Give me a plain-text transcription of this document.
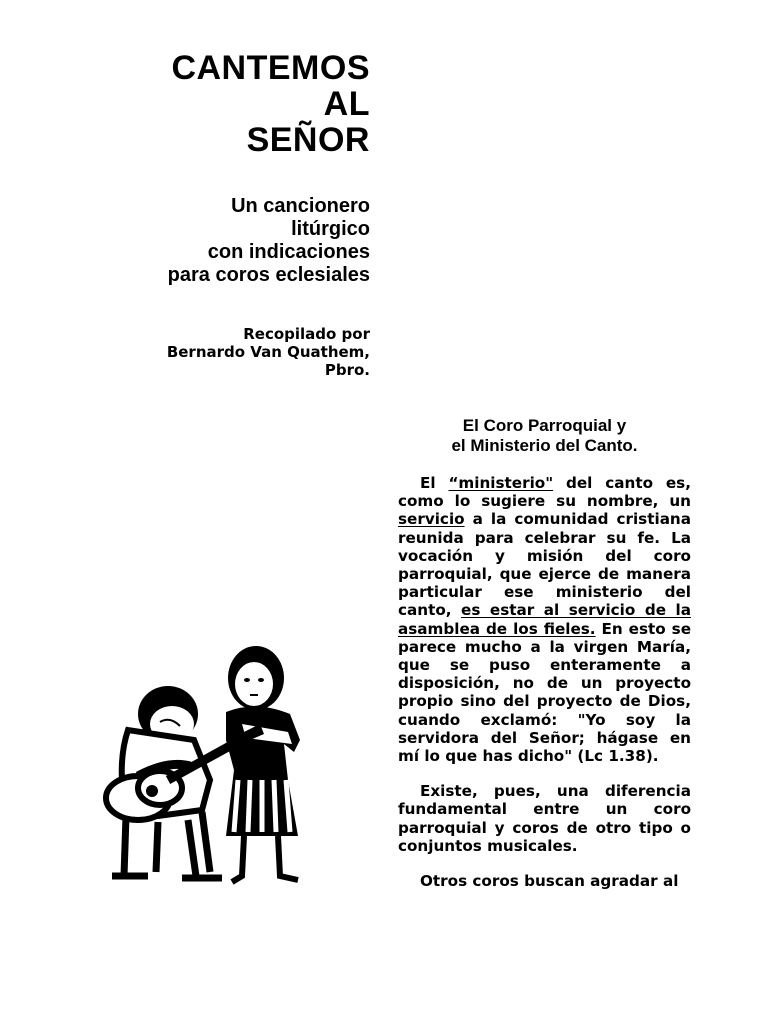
CANTEMOS
AL
SEÑOR
Un cancionero
litúrgico
con indicaciones
para coros eclesiales
Recopilado por
Bernardo Van Quathem,
Pbro.
El Coro Parroquial y
el Ministerio del Canto.

El “ministerio" del canto es, como lo sugiere su nombre, un servicio a la comunidad cristiana reunida para celebrar su fe. La vocación y misión del coro parroquial, que ejerce de manera particular ese ministerio del canto, es estar al servicio de la asamblea de los fieles. En esto se parece mucho a la virgen María, que se puso enteramente a disposición, no de un proyecto propio sino del proyecto de Dios, cuando exclamó: "Yo soy la servidora del Señor; hágase en mí lo que has dicho" (Lc 1.38).

Existe, pues, una diferencia fundamental entre un coro parroquial y coros de otro tipo o conjuntos musicales.

Otros coros buscan agradar al
